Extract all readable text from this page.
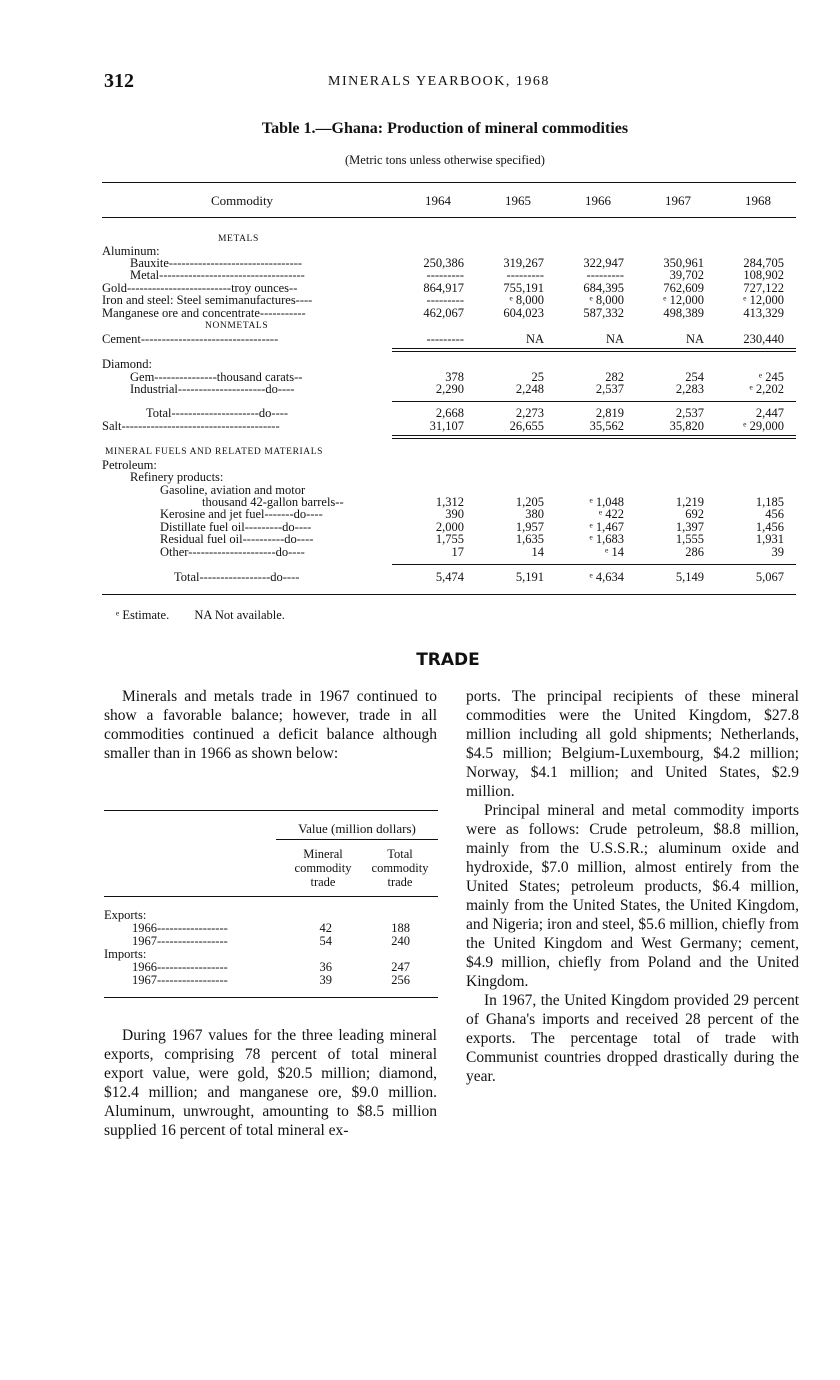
312	MINERALS YEARBOOK, 1968
Table 1.—Ghana: Production of mineral commodities
(Metric tons unless otherwise specified)
Commodity	1964	1965	1966	1967	1968
METALS
Aluminum:
Bauxite--------------------------------	250,386	319,267	322,947	350,961	284,705
Metal-----------------------------------	---------	---------	---------	39,702	108,902
Gold-------------------------troy ounces--	864,917	755,191	684,395	762,609	727,122
Iron and steel: Steel semimanufactures----	---------	ᵉ 8,000	ᵉ 8,000	ᵉ 12,000	ᵉ 12,000
Manganese ore and concentrate-----------	462,067	604,023	587,332	498,389	413,329
NONMETALS
Cement---------------------------------	---------	NA	NA	NA	230,440
Diamond:
Gem---------------thousand carats--	378	25	282	254	ᵉ 245
Industrial---------------------do----	2,290	2,248	2,537	2,283	ᵉ 2,202
Total---------------------do----	2,668	2,273	2,819	2,537	2,447
Salt--------------------------------------	31,107	26,655	35,562	35,820	ᵉ 29,000
MINERAL FUELS AND RELATED MATERIALS
Petroleum:
Refinery products:
Gasoline, aviation and motor
thousand 42-gallon barrels--	1,312	1,205	ᵉ 1,048	1,219	1,185
Kerosine and jet fuel-------do----	390	380	ᵉ 422	692	456
Distillate fuel oil---------do----	2,000	1,957	ᵉ 1,467	1,397	1,456
Residual fuel oil----------do----	1,755	1,635	ᵉ 1,683	1,555	1,931
Other---------------------do----	17	14	ᵉ 14	286	39
Total-----------------do----	5,474	5,191	ᵉ 4,634	5,149	5,067
ᵉ Estimate. NA Not available.
TRADE

Minerals and metals trade in 1967 continued to show a favorable balance; however, trade in all commodities continued a deficit balance although smaller than in 1966 as shown below:

Value (million dollars)
Mineral commodity trade
Total commodity trade
Exports:
1966-----------------	42	188
1967-----------------	54	240
Imports:
1966-----------------	36	247
1967-----------------	39	256

During 1967 values for the three leading mineral exports, comprising 78 percent of total mineral export value, were gold, $20.5 million; diamond, $12.4 million; and manganese ore, $9.0 million. Aluminum, unwrought, amounting to $8.5 million supplied 16 percent of total mineral ex-

ports. The principal recipients of these mineral commodities were the United Kingdom, $27.8 million including all gold shipments; Netherlands, $4.5 million; Belgium-Luxembourg, $4.2 million; Norway, $4.1 million; and United States, $2.9 million.

Principal mineral and metal commodity imports were as follows: Crude petroleum, $8.8 million, mainly from the U.S.S.R.; aluminum oxide and hydroxide, $7.0 million, almost entirely from the United States; petroleum products, $6.4 million, mainly from the United States, the United Kingdom, and Nigeria; iron and steel, $5.6 million, chiefly from the United Kingdom and West Germany; cement, $4.9 million, chiefly from Poland and the United Kingdom.

In 1967, the United Kingdom provided 29 percent of Ghana's imports and received 28 percent of the exports. The percentage total of trade with Communist countries dropped drastically during the year.
